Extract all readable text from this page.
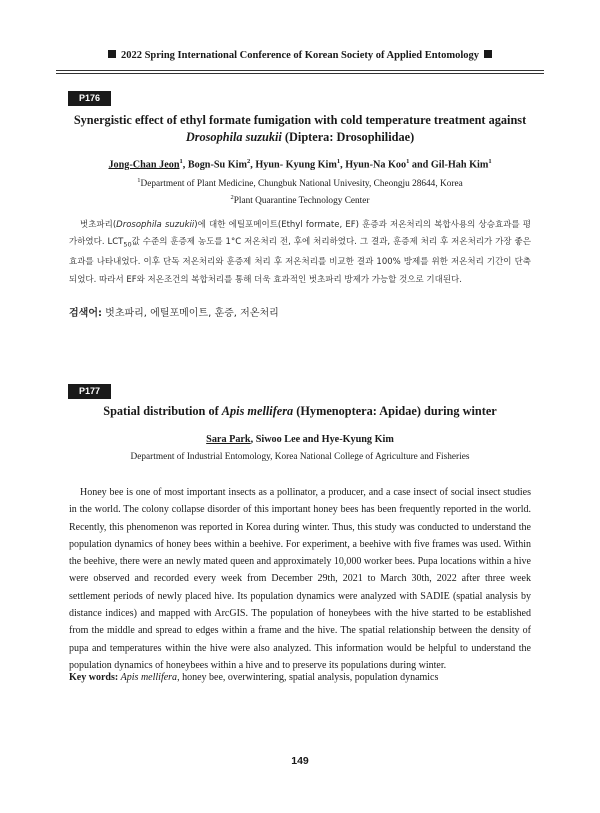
2022 Spring International Conference of Korean Society of Applied Entomology
P176
Synergistic effect of ethyl formate fumigation with cold temperature treatment against
Drosophila suzukii (Diptera: Drosophilidae)
Jong-Chan Jeon$^1$, Bogn-Su Kim$^2$, Hyun- Kyung Kim$^1$, Hyun-Na Koo$^1$ and Gil-Hah Kim$^1$
$^1$Department of Plant Medicine, Chungbuk National Univesity, Cheongju 28644, Korea
$^2$Plant Quarantine Technology Center

벗초파리(Drosophila suzukii)에 대한 에틸포메이트(Ethyl formate, EF) 훈증과 저온처리의 복합사용의 상승효과를 평가하였다. $LCT_{50}$값 수준의 훈증제 농도를 1°C 저온처리 전, 후에 처리하였다. 그 결과, 훈증제 처리 후 저온처리가 가장 좋은 효과를 나타내었다. 이후 단독 저온처리와 훈증제 처리 후 저온처리를 비교한 결과 100% 방제를 위한 저온처리 기간이 단축되었다. 따라서 EF와 저온조건의 복합처리를 통해 더욱 효과적인 벗초파리 방제가 가능할 것으로 기대된다.

검색어: 벗초파리, 에틸포메이트, 훈증, 저온처리
P177
Spatial distribution of Apis mellifera (Hymenoptera: Apidae) during winter
Sara Park, Siwoo Lee and Hye-Kyung Kim
Department of Industrial Entomology, Korea National College of Agriculture and Fisheries

Honey bee is one of most important insects as a pollinator, a producer, and a case insect of social insect studies in the world. The colony collapse disorder of this important honey bees has been frequently reported in the world. Recently, this phenomenon was reported in Korea during winter. Thus, this study was conducted to understand the population dynamics of honey bees within a beehive. For experiment, a beehive with five frames was used. Within the beehive, there were an newly mated queen and approximately 10,000 worker bees. Pupa locations within a hive were observed and recorded every week from December 29th, 2021 to March 30th, 2022 after three week settlement periods of newly placed hive. Its population dynamics were analyzed with SADIE (spatial analysis by distance indices) and mapped with ArcGIS. The population of honeybees with the hive started to be established from the middle and spread to edges within a frame and the hive. The spatial relationship between the density of pupa and temperatures within the hive were also analyzed. This information would be helpful to understand the population dynamics of honeybees within a hive and to preserve its populations during winter.

Key words: Apis mellifera, honey bee, overwintering, spatial analysis, population dynamics
149
